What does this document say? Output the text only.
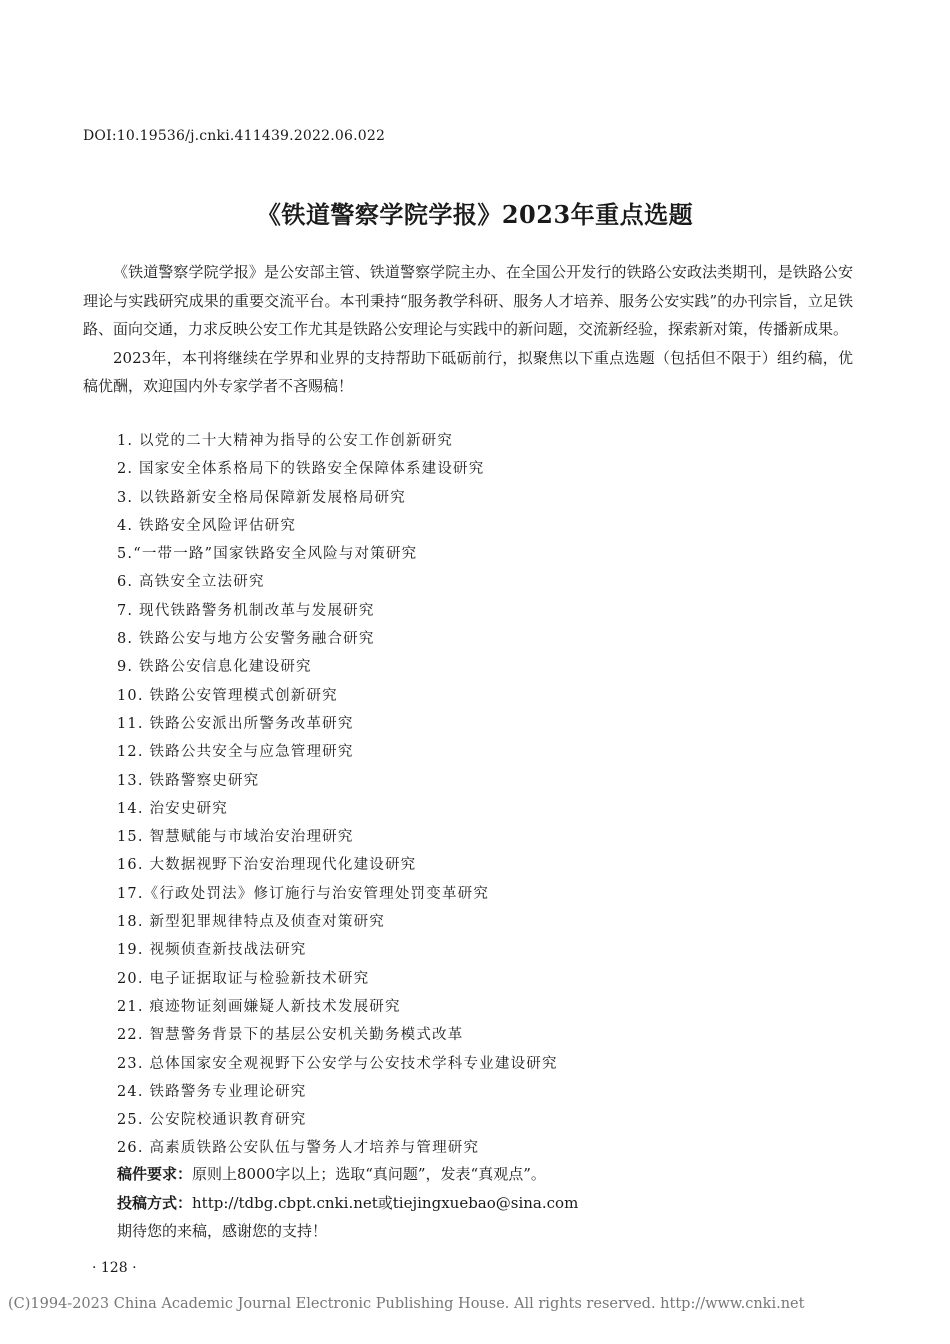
DOI:10.19536/j.cnki.411439.2022.06.022
《铁道警察学院学报》2023年重点选题

《铁道警察学院学报》是公安部主管、铁道警察学院主办、在全国公开发行的铁路公安政法类期刊，是铁路公安理论与实践研究成果的重要交流平台。本刊秉持“服务教学科研、服务人才培养、服务公安实践”的办刊宗旨，立足铁路、面向交通，力求反映公安工作尤其是铁路公安理论与实践中的新问题，交流新经验，探索新对策，传播新成果。

2023年，本刊将继续在学界和业界的支持帮助下砥砺前行，拟聚焦以下重点选题（包括但不限于）组约稿，优稿优酬，欢迎国内外专家学者不吝赐稿！

1. 以党的二十大精神为指导的公安工作创新研究
2. 国家安全体系格局下的铁路安全保障体系建设研究
3. 以铁路新安全格局保障新发展格局研究
4. 铁路安全风险评估研究
5.“一带一路”国家铁路安全风险与对策研究
6. 高铁安全立法研究
7. 现代铁路警务机制改革与发展研究
8. 铁路公安与地方公安警务融合研究
9. 铁路公安信息化建设研究
10. 铁路公安管理模式创新研究
11. 铁路公安派出所警务改革研究
12. 铁路公共安全与应急管理研究
13. 铁路警察史研究
14. 治安史研究
15. 智慧赋能与市域治安治理研究
16. 大数据视野下治安治理现代化建设研究
17.《行政处罚法》修订施行与治安管理处罚变革研究
18. 新型犯罪规律特点及侦查对策研究
19. 视频侦查新技战法研究
20. 电子证据取证与检验新技术研究
21. 痕迹物证刻画嫌疑人新技术发展研究
22. 智慧警务背景下的基层公安机关勤务模式改革
23. 总体国家安全观视野下公安学与公安技术学科专业建设研究
24. 铁路警务专业理论研究
25. 公安院校通识教育研究
26. 高素质铁路公安队伍与警务人才培养与管理研究
稿件要求：原则上8000字以上；选取“真问题”，发表“真观点”。
投稿方式：http://tdbg.cbpt.cnki.net或tiejingxuebao@sina.com
期待您的来稿，感谢您的支持！
· 128 ·
(C)1994-2023 China Academic Journal Electronic Publishing House. All rights reserved. http://www.cnki.net
